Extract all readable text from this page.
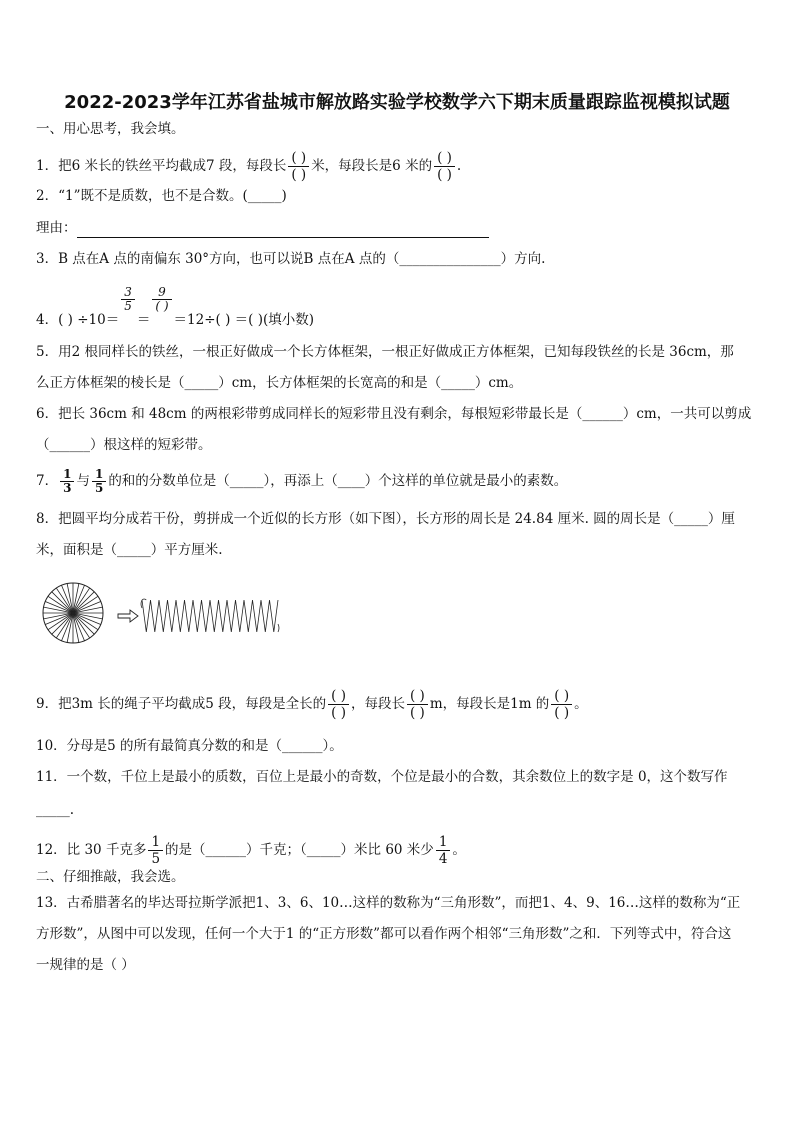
2022-2023学年江苏省盐城市解放路实验学校数学六下期末质量跟踪监视模拟试题
一、用心思考，我会填。
1．把6 米长的铁丝平均截成7 段，每段长 $\frac{( )}{( )}$ 米，每段长是6 米的 $\frac{( )}{( )}$ .
2．“1”既不是质数，也不是合数。(_____)
理由：
3．B 点在A 点的南偏东 30°方向，也可以说B 点在A 点的（_______________）方向.
4．( ) ÷10＝
$\frac{3}{5}$
＝
$\frac{9}{( )}$
＝12÷( ) ＝( )(填小数)
5．用2 根同样长的铁丝，一根正好做成一个长方体框架，一根正好做成正方体框架，已知每段铁丝的长是 36cm，那
么正方体框架的棱长是（_____）cm，长方体框架的长宽高的和是（_____）cm。
6．把长 36cm 和 48cm 的两根彩带剪成同样长的短彩带且没有剩余，每根短彩带最长是（______）cm，一共可以剪成
（______）根这样的短彩带。
7． $\frac{1}{3}$ 与 $\frac{1}{5}$ 的和的分数单位是（_____），再添上（____）个这样的单位就是最小的素数。
8．把圆平均分成若干份，剪拼成一个近似的长方形（如下图），长方形的周长是 24.84 厘米. 圆的周长是（_____）厘
米，面积是（_____）平方厘米.
9．把3m 长的绳子平均截成5 段，每段是全长的 $\frac{( )}{( )}$ ，每段长 $\frac{( )}{( )}$ m，每段长是1m 的 $\frac{( )}{( )}$ 。
10．分母是5 的所有最简真分数的和是（______）。
11．一个数，千位上是最小的质数，百位上是最小的奇数，个位是最小的合数，其余数位上的数字是 0，这个数写作
_____.
12．比 30 千克多 $\frac{1}{5}$ 的是（______）千克；（_____）米比 60 米少 $\frac{1}{4}$ 。
二、仔细推敲，我会选。
13．古希腊著名的毕达哥拉斯学派把1、3、6、10…这样的数称为“三角形数”，而把1、4、9、16…这样的数称为“正
方形数”，从图中可以发现，任何一个大于1 的“正方形数”都可以看作两个相邻“三角形数”之和．下列等式中，符合这
一规律的是（ ）
